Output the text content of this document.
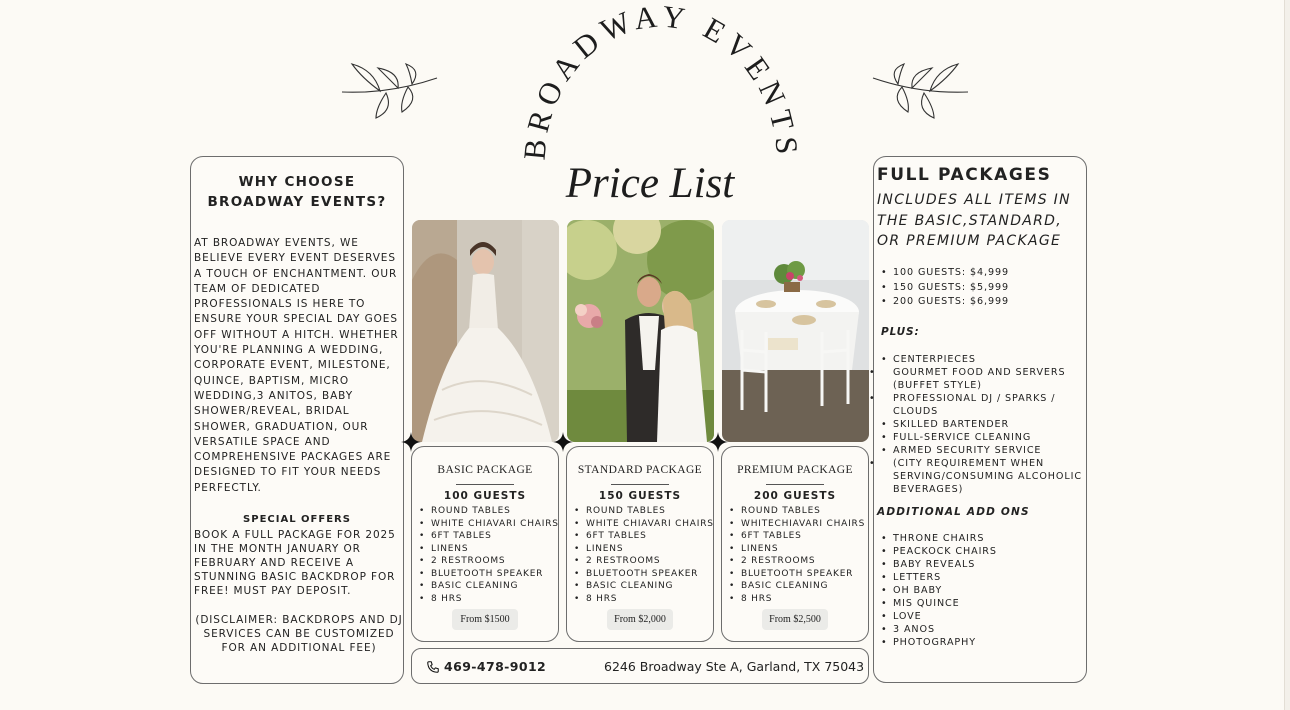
BROADWAY EVENTS
Price List
WHY CHOOSE
BROADWAY EVENTS?
AT BROADWAY EVENTS, WE BELIEVE EVERY EVENT DESERVES A TOUCH OF ENCHANTMENT. OUR TEAM OF DEDICATED PROFESSIONALS IS HERE TO ENSURE YOUR SPECIAL DAY GOES OFF WITHOUT A HITCH. WHETHER YOU'RE PLANNING A WEDDING, CORPORATE EVENT, MILESTONE, QUINCE, BAPTISM, MICRO WEDDING,3 ANITOS, BABY SHOWER/REVEAL, BRIDAL SHOWER, GRADUATION, OUR VERSATILE SPACE AND COMPREHENSIVE PACKAGES ARE DESIGNED TO FIT YOUR NEEDS PERFECTLY.
SPECIAL OFFERS
BOOK A FULL PACKAGE FOR 2025 IN THE MONTH JANUARY OR FEBRUARY AND RECEIVE A STUNNING BASIC BACKDROP FOR FREE! MUST PAY DEPOSIT.
(DISCLAIMER: BACKDROPS AND DJ SERVICES CAN BE CUSTOMIZED FOR AN ADDITIONAL FEE)
BASIC PACKAGE
100 GUESTS
• ROUND TABLES
• WHITE CHIAVARI CHAIRS
• 6FT TABLES
• LINENS
• 2 RESTROOMS
• BLUETOOTH SPEAKER
• BASIC CLEANING
• 8 HRS
From $1500
STANDARD PACKAGE
150 GUESTS
• ROUND TABLES
• WHITE CHIAVARI CHAIRS
• 6FT TABLES
• LINENS
• 2 RESTROOMS
• BLUETOOTH SPEAKER
• BASIC CLEANING
• 8 HRS
From $2,000
PREMIUM PACKAGE
200 GUESTS
• ROUND TABLES
• WHITECHIAVARI CHAIRS
• 6FT TABLES
• LINENS
• 2 RESTROOMS
• BLUETOOTH SPEAKER
• BASIC CLEANING
• 8 HRS
From $2,500
469-478-9012	6246 Broadway Ste A, Garland, TX 75043
FULL PACKAGES
INCLUDES ALL ITEMS IN THE BASIC,STANDARD, OR PREMIUM PACKAGE
• 100 GUESTS: $4,999
• 150 GUESTS: $5,999
• 200 GUESTS: $6,999
PLUS:
• CENTERPIECES
• GOURMET FOOD AND SERVERS (BUFFET STYLE)
• PROFESSIONAL DJ / SPARKS / CLOUDS
• SKILLED BARTENDER
• FULL-SERVICE CLEANING
• ARMED SECURITY SERVICE
• (CITY REQUIREMENT WHEN SERVING/CONSUMING ALCOHOLIC BEVERAGES)
ADDITIONAL ADD ONS
• THRONE CHAIRS
• PEACKOCK CHAIRS
• BABY REVEALS
• LETTERS
• OH BABY
• MIS QUINCE
• LOVE
• 3 ANOS
• PHOTOGRAPHY
